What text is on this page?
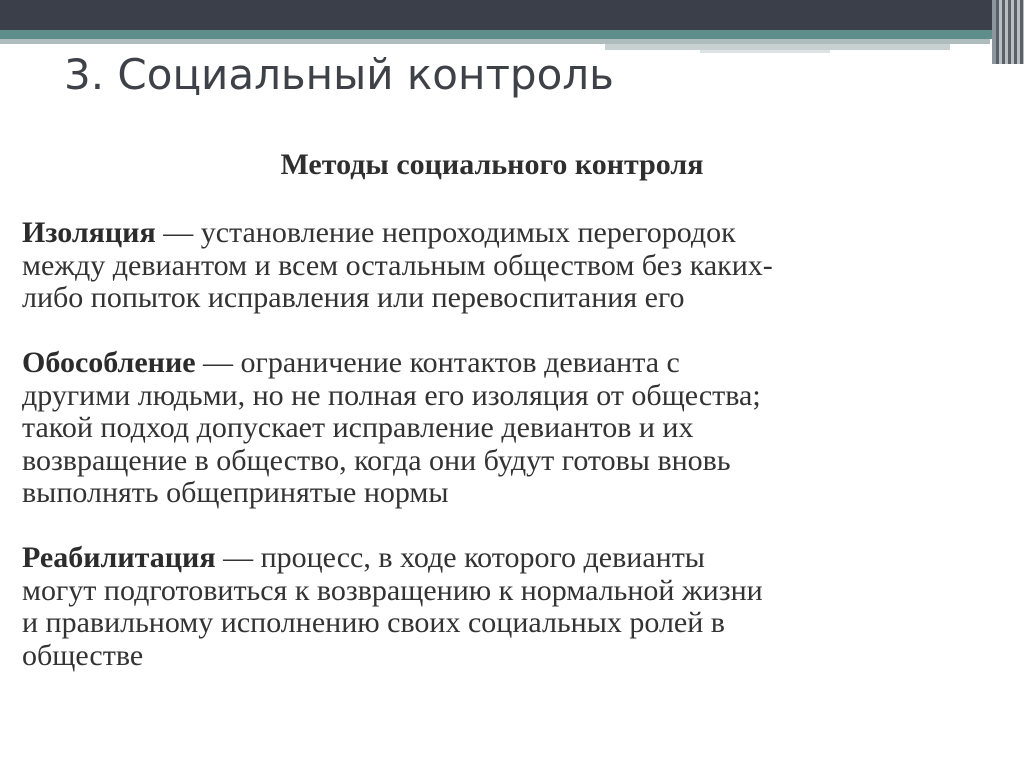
3. Социальный контроль
Методы социального контроля

Изоляция — установление непроходимых перегородок
между девиантом и всем остальным обществом без каких-
либо попыток исправления или перевоспитания его

Обособление — ограничение контактов девианта с
другими людьми, но не полная его изоляция от общества;
такой подход допускает исправление девиантов и их
возвращение в общество, когда они будут готовы вновь
выполнять общепринятые нормы

Реабилитация — процесс, в ходе которого девианты
могут подготовиться к возвращению к нормальной жизни
и правильному исполнению своих социальных ролей в
обществе
